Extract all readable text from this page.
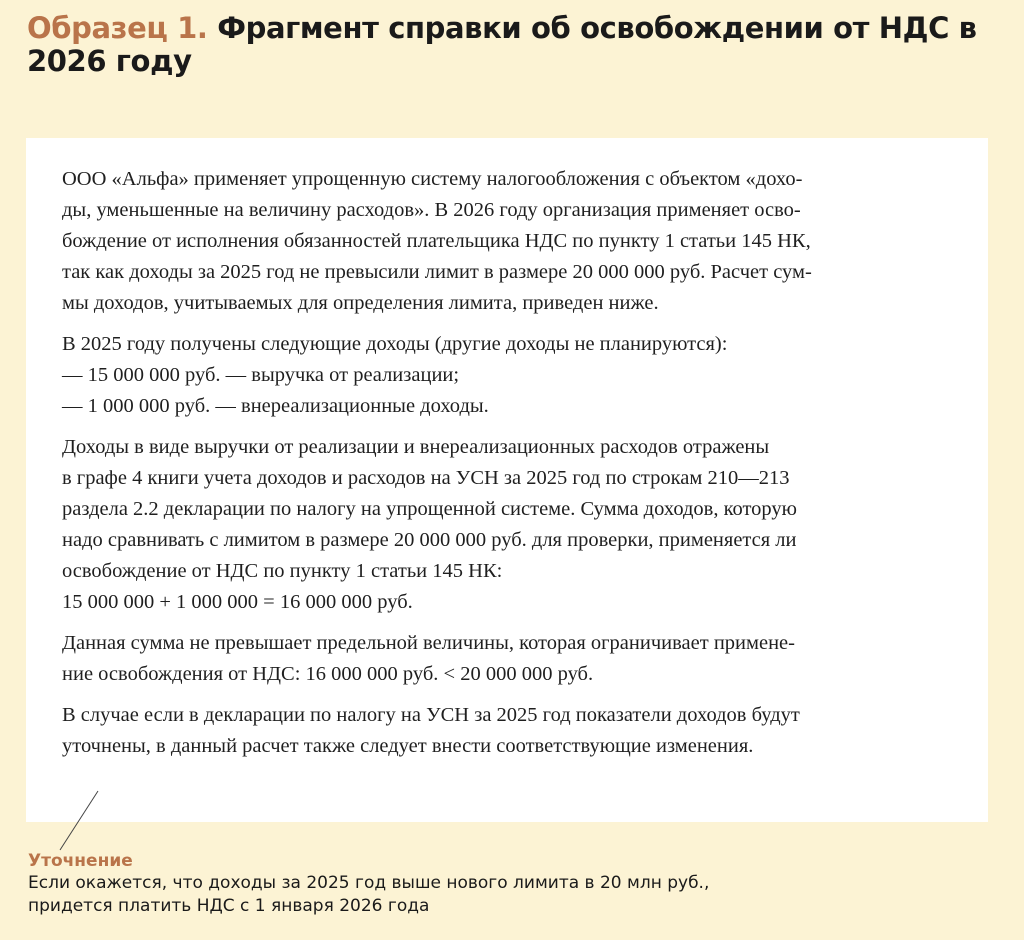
Образец 1. Фрагмент справки об освобождении от НДС в 2026 году

ООО «Альфа» применяет упрощенную систему налогообложения с объектом «дохо-
ды, уменьшенные на величину расходов». В 2026 году организация применяет осво-
бождение от исполнения обязанностей плательщика НДС по пункту 1 статьи 145 НК,
так как доходы за 2025 год не превысили лимит в размере 20 000 000 руб. Расчет сум-
мы доходов, учитываемых для определения лимита, приведен ниже.

В 2025 году получены следующие доходы (другие доходы не планируются):
— 15 000 000 руб. — выручка от реализации;
— 1 000 000 руб. — внереализационные доходы.

Доходы в виде выручки от реализации и внереализационных расходов отражены
в графе 4 книги учета доходов и расходов на УСН за 2025 год по строкам 210—213
раздела 2.2 декларации по налогу на упрощенной системе. Сумма доходов, которую
надо сравнивать с лимитом в размере 20 000 000 руб. для проверки, применяется ли
освобождение от НДС по пункту 1 статьи 145 НК:
15 000 000 + 1 000 000 = 16 000 000 руб.

Данная сумма не превышает предельной величины, которая ограничивает примене-
ние освобождения от НДС: 16 000 000 руб. < 20 000 000 руб.

В случае если в декларации по налогу на УСН за 2025 год показатели доходов будут
уточнены, в данный расчет также следует внести соответствующие изменения.

Уточнение
Если окажется, что доходы за 2025 год выше нового лимита в 20 млн руб.,
придется платить НДС с 1 января 2026 года
